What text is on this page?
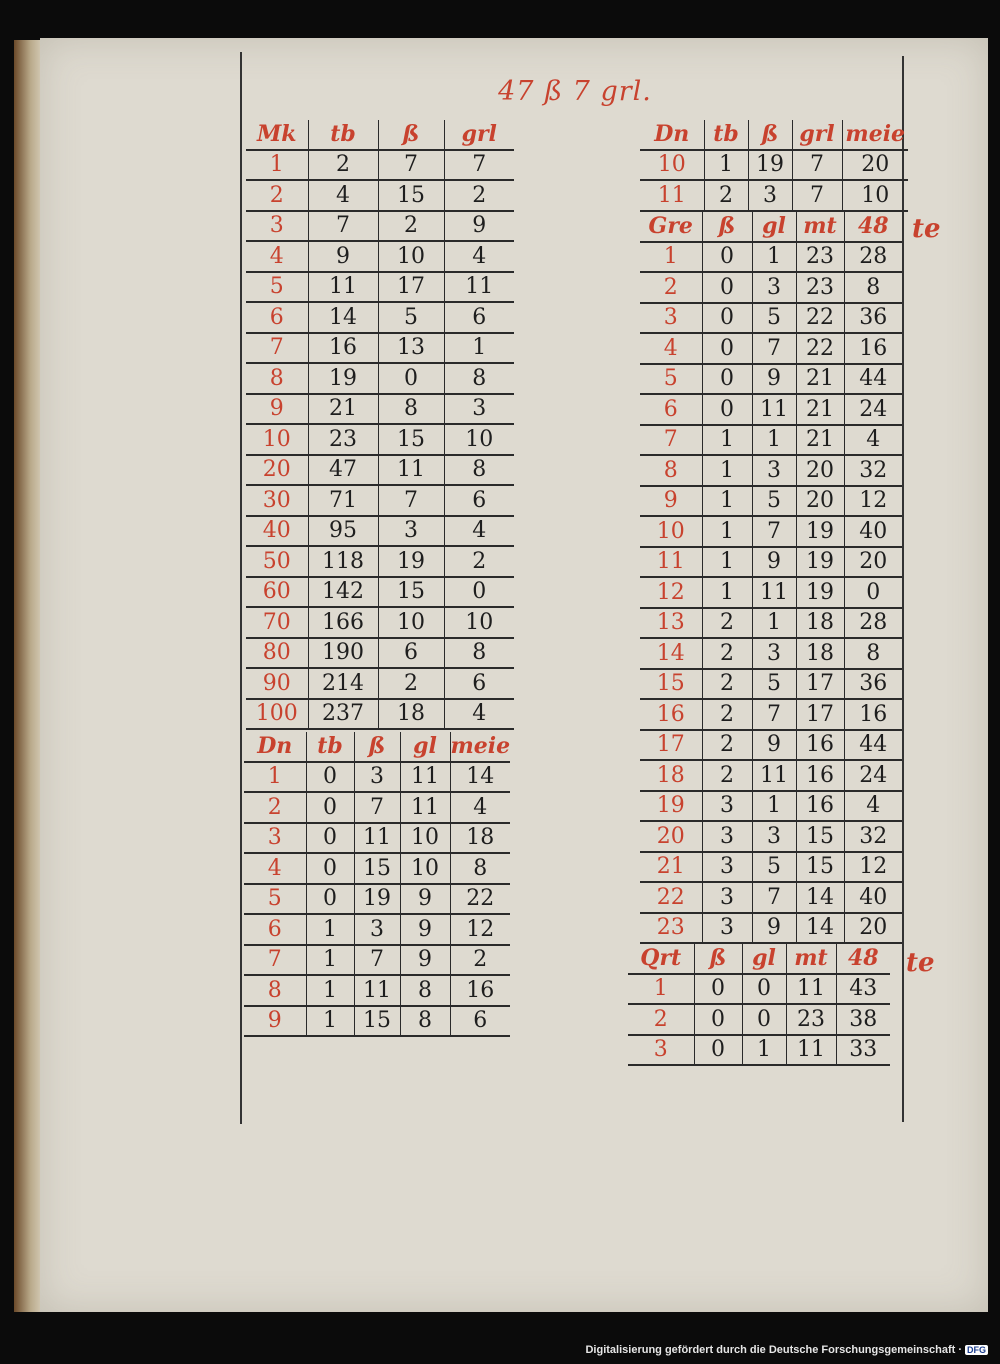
47 ß 7 grl.
Mk	tb	ß	grl
1	2	7	7
2	4	15	2
3	7	2	9
4	9	10	4
5	11	17	11
6	14	5	6
7	16	13	1
8	19	0	8
9	21	8	3
10	23	15	10
20	47	11	8
30	71	7	6
40	95	3	4
50	118	19	2
60	142	15	0
70	166	10	10
80	190	6	8
90	214	2	6
100	237	18	4
Dn	tb	ß	gl	meie
1	0	3	11	14
2	0	7	11	4
3	0	11	10	18
4	0	15	10	8
5	0	19	9	22
6	1	3	9	12
7	1	7	9	2
8	1	11	8	16
9	1	15	8	6
Dn	tb	ß	grl	meie
10	1	19	7	20
11	2	3	7	10
Gre	ß	gl	mt	48
1	0	1	23	28
2	0	3	23	8
3	0	5	22	36
4	0	7	22	16
5	0	9	21	44
6	0	11	21	24
7	1	1	21	4
8	1	3	20	32
9	1	5	20	12
10	1	7	19	40
11	1	9	19	20
12	1	11	19	0
13	2	1	18	28
14	2	3	18	8
15	2	5	17	36
16	2	7	17	16
17	2	9	16	44
18	2	11	16	24
19	3	1	16	4
20	3	3	15	32
21	3	5	15	12
22	3	7	14	40
23	3	9	14	20
te
Qrt	ß	gl	mt	48
1	0	0	11	43
2	0	0	23	38
3	0	1	11	33
te
Digitalisierung gefördert durch die Deutsche Forschungsgemeinschaft · DFG
